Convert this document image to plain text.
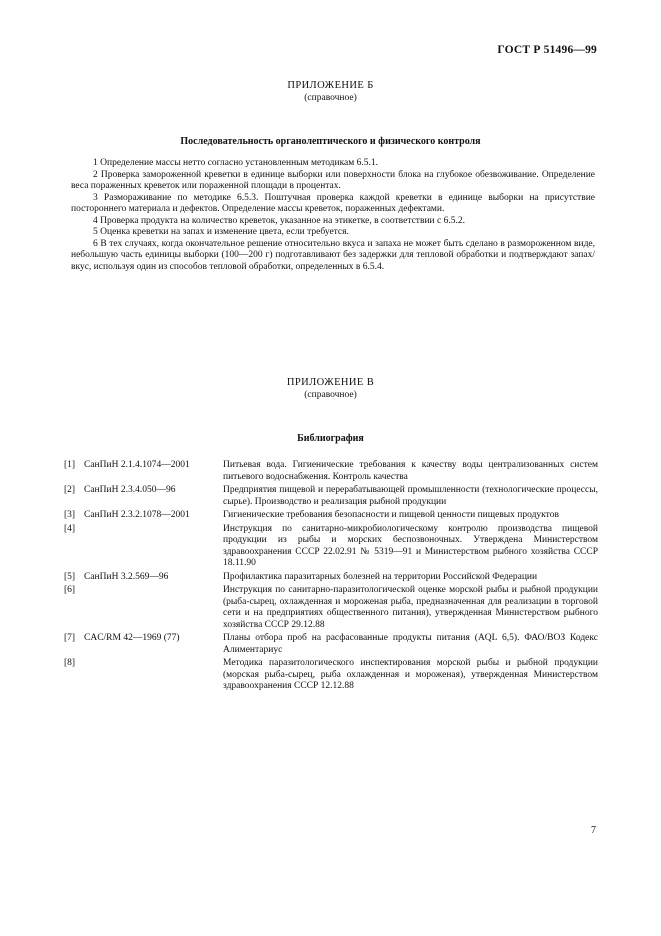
ГОСТ Р 51496—99
ПРИЛОЖЕНИЕ Б
(справочное)
Последовательность органолептического и физического контроля

1 Определение массы нетто согласно установленным методикам 6.5.1.

2 Проверка замороженной креветки в единице выборки или поверхности блока на глубокое обезвоживание. Определение веса пораженных креветок или пораженной площади в процентах.

3 Размораживание по методике 6.5.3. Поштучная проверка каждой креветки в единице выборки на присутствие постороннего материала и дефектов. Определение массы креветок, пораженных дефектами.

4 Проверка продукта на количество креветок, указанное на этикетке, в соответствии с 6.5.2.

5 Оценка креветки на запах и изменение цвета, если требуется.

6 В тех случаях, когда окончательное решение относительно вкуса и запаха не может быть сделано в размороженном виде, небольшую часть единицы выборки (100—200 г) подготавливают без задержки для тепловой обработки и подтверждают запах/вкус, используя один из способов тепловой обработки, определенных в 6.5.4.

ПРИЛОЖЕНИЕ В
(справочное)
Библиография
[1] СанПиН 2.1.4.1074—2001	Питьевая вода. Гигиенические требования к качеству воды централизованных систем питьевого водоснабжения. Контроль качества
[2] СанПиН 2.3.4.050—96	Предприятия пищевой и перерабатывающей промышленности (технологические процессы, сырье). Производство и реализация рыбной продукции
[3] СанПиН 2.3.2.1078—2001	Гигиенические требования безопасности и пищевой ценности пищевых продуктов
[4]	Инструкция по санитарно-микробиологическому контролю производства пищевой продукции из рыбы и морских беспозвоночных. Утверждена Министерством здравоохранения СССР 22.02.91 № 5319—91 и Министерством рыбного хозяйства СССР 18.11.90
[5] СанПиН 3.2.569—96	Профилактика паразитарных болезней на территории Российской Федерации
[6]	Инструкция по санитарно-паразитологической оценке морской рыбы и рыбной продукции (рыба-сырец, охлажденная и мороженая рыба, предназначенная для реализации в торговой сети и на предприятиях общественного питания), утвержденная Министерством рыбного хозяйства СССР 29.12.88
[7] CAC/RM 42—1969 (77)	Планы отбора проб на расфасованные продукты питания (AQL 6,5). ФАО/ВОЗ Кодекс Алиментариус
[8]	Методика паразитологического инспектирования морской рыбы и рыбной продукции (морская рыба-сырец, рыба охлажденная и мороженая), утвержденная Министерством здравоохранения СССР 12.12.88
7
